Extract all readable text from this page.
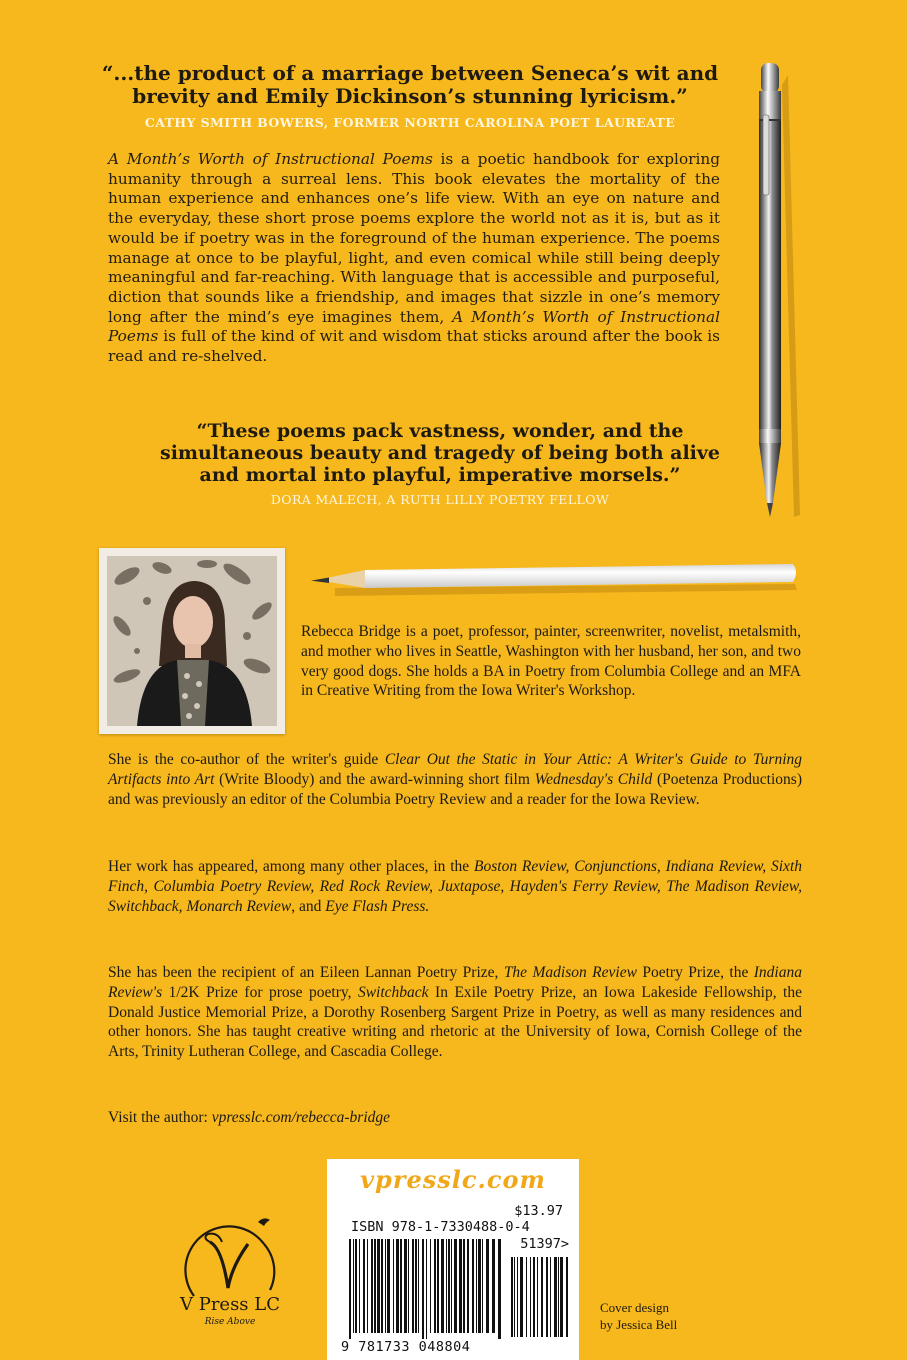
“...the product of a marriage between Seneca’s wit and brevity and Emily Dickinson’s stunning lyricism.”
CATHY SMITH BOWERS, FORMER NORTH CAROLINA POET LAUREATE
A Month’s Worth of Instructional Poems is a poetic handbook for exploring humanity through a surreal lens. This book elevates the mortality of the human experience and enhances one’s life view. With an eye on nature and the everyday, these short prose poems explore the world not as it is, but as it would be if poetry was in the foreground of the human experience. The poems manage at once to be playful, light, and even comical while still being deeply meaningful and far-reaching. With language that is accessible and purposeful, diction that sounds like a friendship, and images that sizzle in one’s memory long after the mind’s eye imagines them, A Month’s Worth of Instructional Poems is full of the kind of wit and wisdom that sticks around after the book is read and re-shelved.
“These poems pack vastness, wonder, and the simultaneous beauty and tragedy of being both alive and mortal into playful, imperative morsels.”
DORA MALECH, A RUTH LILLY POETRY FELLOW
Rebecca Bridge is a poet, professor, painter, screenwriter, novelist, metalsmith, and mother who lives in Seattle, Washington with her husband, her son, and two very good dogs. She holds a BA in Poetry from Columbia College and an MFA in Creative Writing from the Iowa Writer's Workshop.
She is the co-author of the writer's guide Clear Out the Static in Your Attic: A Writer's Guide to Turning Artifacts into Art (Write Bloody) and the award-winning short film Wednesday's Child (Poetenza Productions) and was previously an editor of the Columbia Poetry Review and a reader for the Iowa Review.
Her work has appeared, among many other places, in the Boston Review, Conjunctions, Indiana Review, Sixth Finch, Columbia Poetry Review, Red Rock Review, Juxtapose, Hayden's Ferry Review, The Madison Review, Switchback, Monarch Review, and Eye Flash Press.
She has been the recipient of an Eileen Lannan Poetry Prize, The Madison Review Poetry Prize, the Indiana Review's 1/2K Prize for prose poetry, Switchback In Exile Poetry Prize, an Iowa Lakeside Fellowship, the Donald Justice Memorial Prize, a Dorothy Rosenberg Sargent Prize in Poetry, as well as many residences and other honors. She has taught creative writing and rhetoric at the University of Iowa, Cornish College of the Arts, Trinity Lutheran College, and Cascadia College.
Visit the author: vpresslc.com/rebecca-bridge
vpresslc.com
$13.97
ISBN 978-1-7330488-0-4
51397>
9 781733 048804
V Press LC
Rise Above
Cover design
by Jessica Bell
